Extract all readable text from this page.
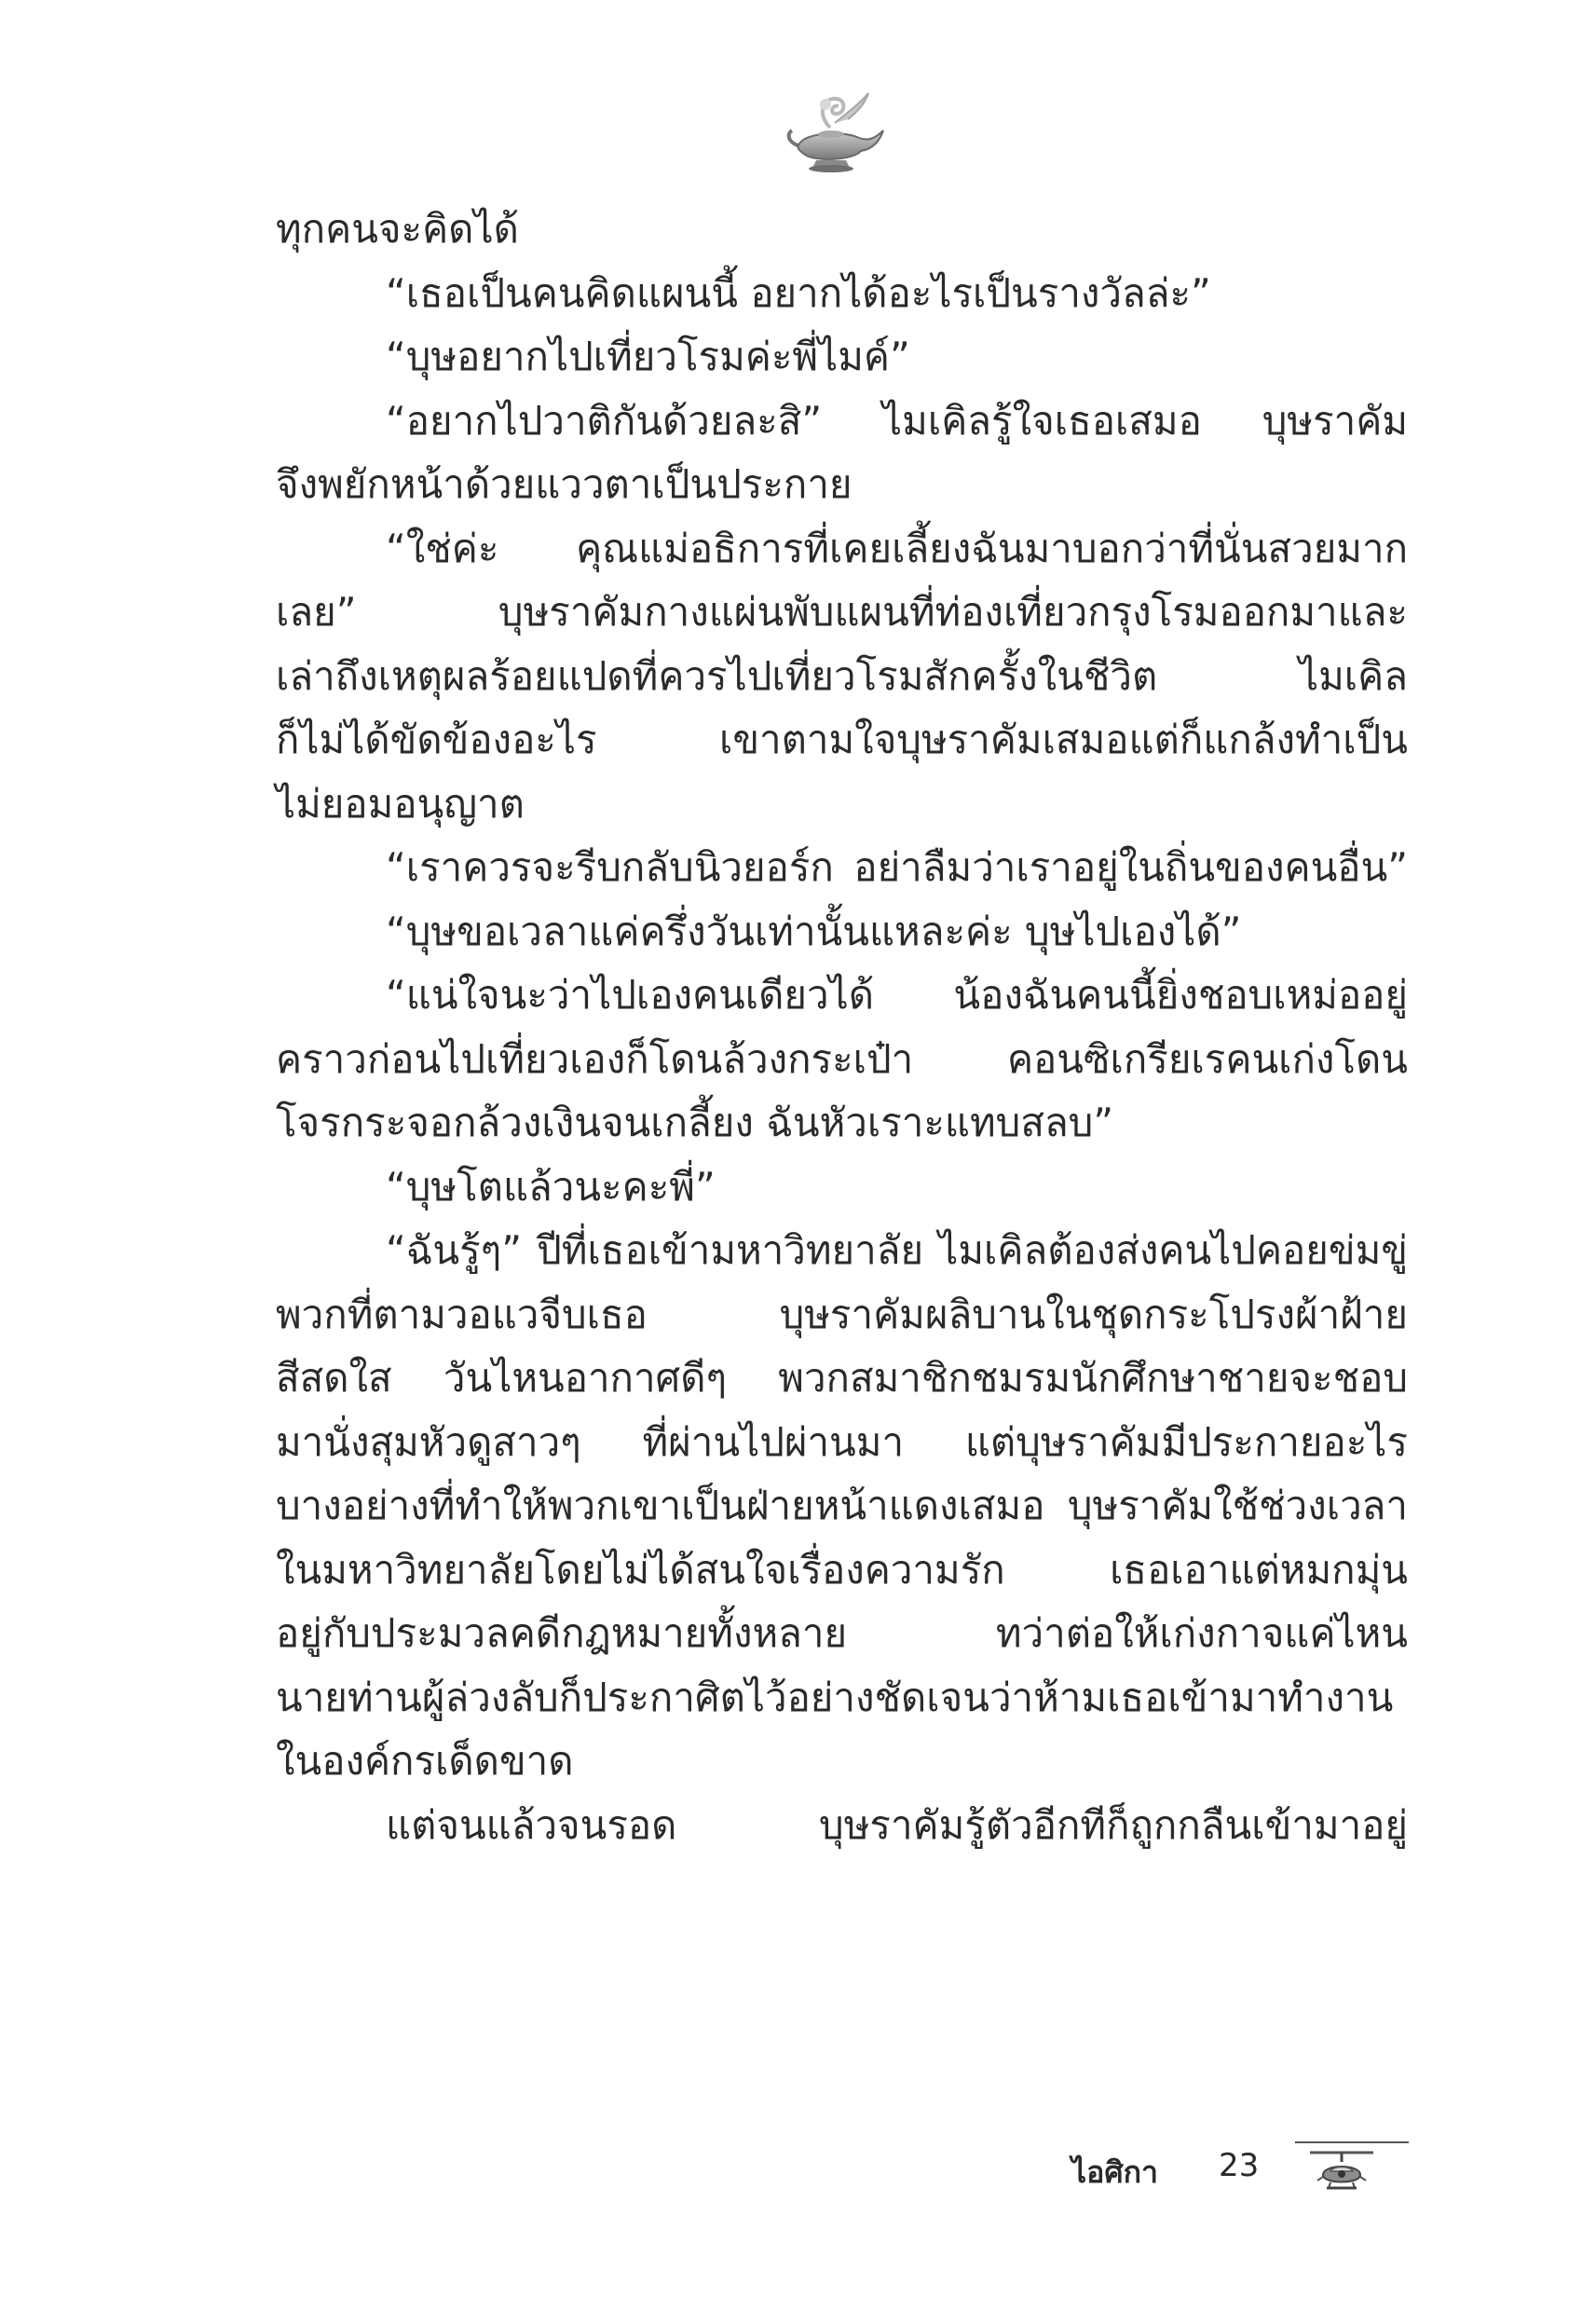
ทุกคนจะคิดได้
“เธอเป็นคนคิดแผนนี้ อยากได้อะไรเป็นรางวัลล่ะ”
“บุษอยากไปเที่ยวโรมค่ะพี่ไมค์”
“อยากไปวาติกันด้วยละสิ” ไมเคิลรู้ใจเธอเสมอ บุษราคัม
จึงพยักหน้าด้วยแววตาเป็นประกาย
“ใช่ค่ะ คุณแม่อธิการที่เคยเลี้ยงฉันมาบอกว่าที่นั่นสวยมาก
เลย” บุษราคัมกางแผ่นพับแผนที่ท่องเที่ยวกรุงโรมออกมาและ
เล่าถึงเหตุผลร้อยแปดที่ควรไปเที่ยวโรมสักครั้งในชีวิต ไมเคิล
ก็ไม่ได้ขัดข้องอะไร เขาตามใจบุษราคัมเสมอแต่ก็แกล้งทำเป็น
ไม่ยอมอนุญาต
“เราควรจะรีบกลับนิวยอร์ก อย่าลืมว่าเราอยู่ในถิ่นของคนอื่น”
“บุษขอเวลาแค่ครึ่งวันเท่านั้นแหละค่ะ บุษไปเองได้”
“แน่ใจนะว่าไปเองคนเดียวได้ น้องฉันคนนี้ยิ่งชอบเหม่ออยู่
คราวก่อนไปเที่ยวเองก็โดนล้วงกระเป๋า คอนซิเกรียเรคนเก่งโดน
โจรกระจอกล้วงเงินจนเกลี้ยง ฉันหัวเราะแทบสลบ”
“บุษโตแล้วนะคะพี่”
“ฉันรู้ๆ” ปีที่เธอเข้ามหาวิทยาลัย ไมเคิลต้องส่งคนไปคอยข่มขู่
พวกที่ตามวอแวจีบเธอ บุษราคัมผลิบานในชุดกระโปรงผ้าฝ้าย
สีสดใส วันไหนอากาศดีๆ พวกสมาชิกชมรมนักศึกษาชายจะชอบ
มานั่งสุมหัวดูสาวๆ ที่ผ่านไปผ่านมา แต่บุษราคัมมีประกายอะไร
บางอย่างที่ทำให้พวกเขาเป็นฝ่ายหน้าแดงเสมอ บุษราคัมใช้ช่วงเวลา
ในมหาวิทยาลัยโดยไม่ได้สนใจเรื่องความรัก เธอเอาแต่หมกมุ่น
อยู่กับประมวลคดีกฎหมายทั้งหลาย ทว่าต่อให้เก่งกาจแค่ไหน
นายท่านผู้ล่วงลับก็ประกาศิตไว้อย่างชัดเจนว่าห้ามเธอเข้ามาทำงาน
ในองค์กรเด็ดขาด
แต่จนแล้วจนรอด บุษราคัมรู้ตัวอีกทีก็ถูกกลืนเข้ามาอยู่
ไอศิกา 23
